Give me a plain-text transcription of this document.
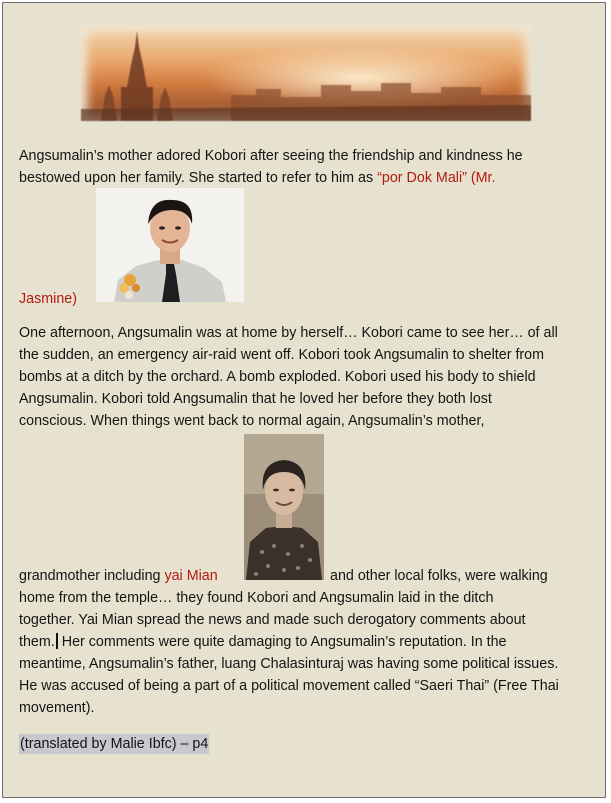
Angsumalin’s mother adored Kobori after seeing the friendship and kindness he

bestowed upon her family. She started to refer to him as “por Dok Mali” (Mr.

Jasmine)

One afternoon, Angsumalin was at home by herself… Kobori came to see her… of all

the sudden, an emergency air-raid went off. Kobori took Angsumalin to shelter from

bombs at a ditch by the orchard. A bomb exploded. Kobori used his body to shield

Angsumalin. Kobori told Angsumalin that he loved her before they both lost

conscious. When things went back to normal again, Angsumalin’s mother,

grandmother including yai Mian	and other local folks, were walking

home from the temple… they found Kobori and Angsumalin laid in the ditch

together. Yai Mian spread the news and made such derogatory comments about

them. Her comments were quite damaging to Angsumalin’s reputation. In the

meantime, Angsumalin’s father, luang Chalasinturaj was having some political issues.

He was accused of being a part of a political movement called “Saeri Thai” (Free Thai

movement).

(translated by Malie Ibfc) – p4
